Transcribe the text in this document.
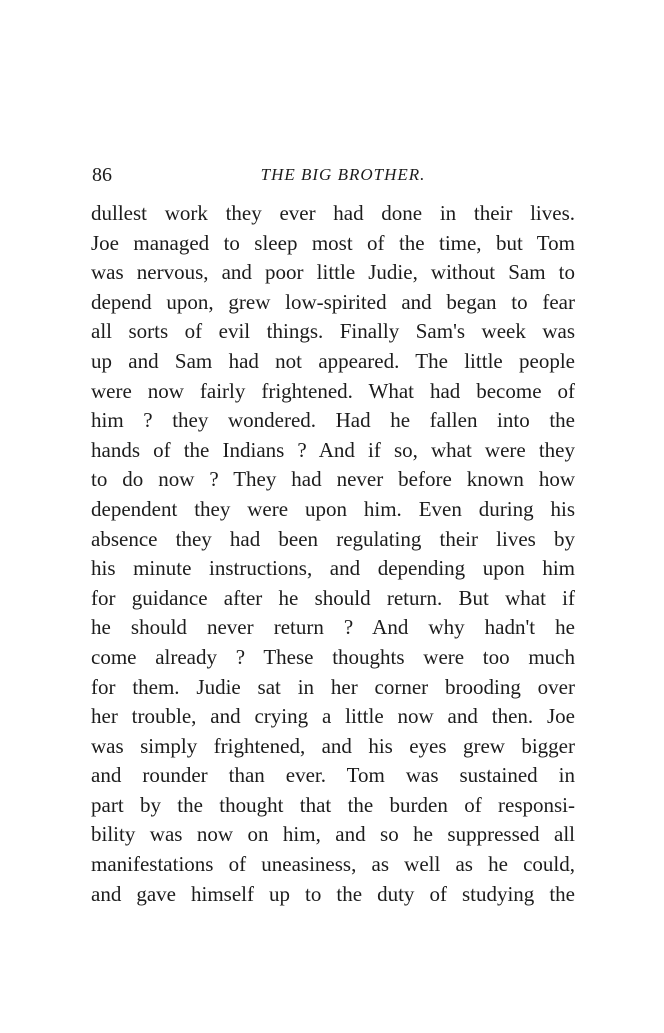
86	THE BIG BROTHER.
dullest work they ever had done in their lives.
Joe managed to sleep most of the time, but Tom
was nervous, and poor little Judie, without Sam to
depend upon, grew low-spirited and began to fear
all sorts of evil things. Finally Sam's week was
up and Sam had not appeared. The little people
were now fairly frightened. What had become of
him ? they wondered. Had he fallen into the
hands of the Indians ? And if so, what were they
to do now ? They had never before known how
dependent they were upon him. Even during his
absence they had been regulating their lives by
his minute instructions, and depending upon him
for guidance after he should return. But what if
he should never return ? And why hadn't he
come already ? These thoughts were too much
for them. Judie sat in her corner brooding over
her trouble, and crying a little now and then. Joe
was simply frightened, and his eyes grew bigger
and rounder than ever. Tom was sustained in
part by the thought that the burden of responsi-
bility was now on him, and so he suppressed all
manifestations of uneasiness, as well as he could,
and gave himself up to the duty of studying the
